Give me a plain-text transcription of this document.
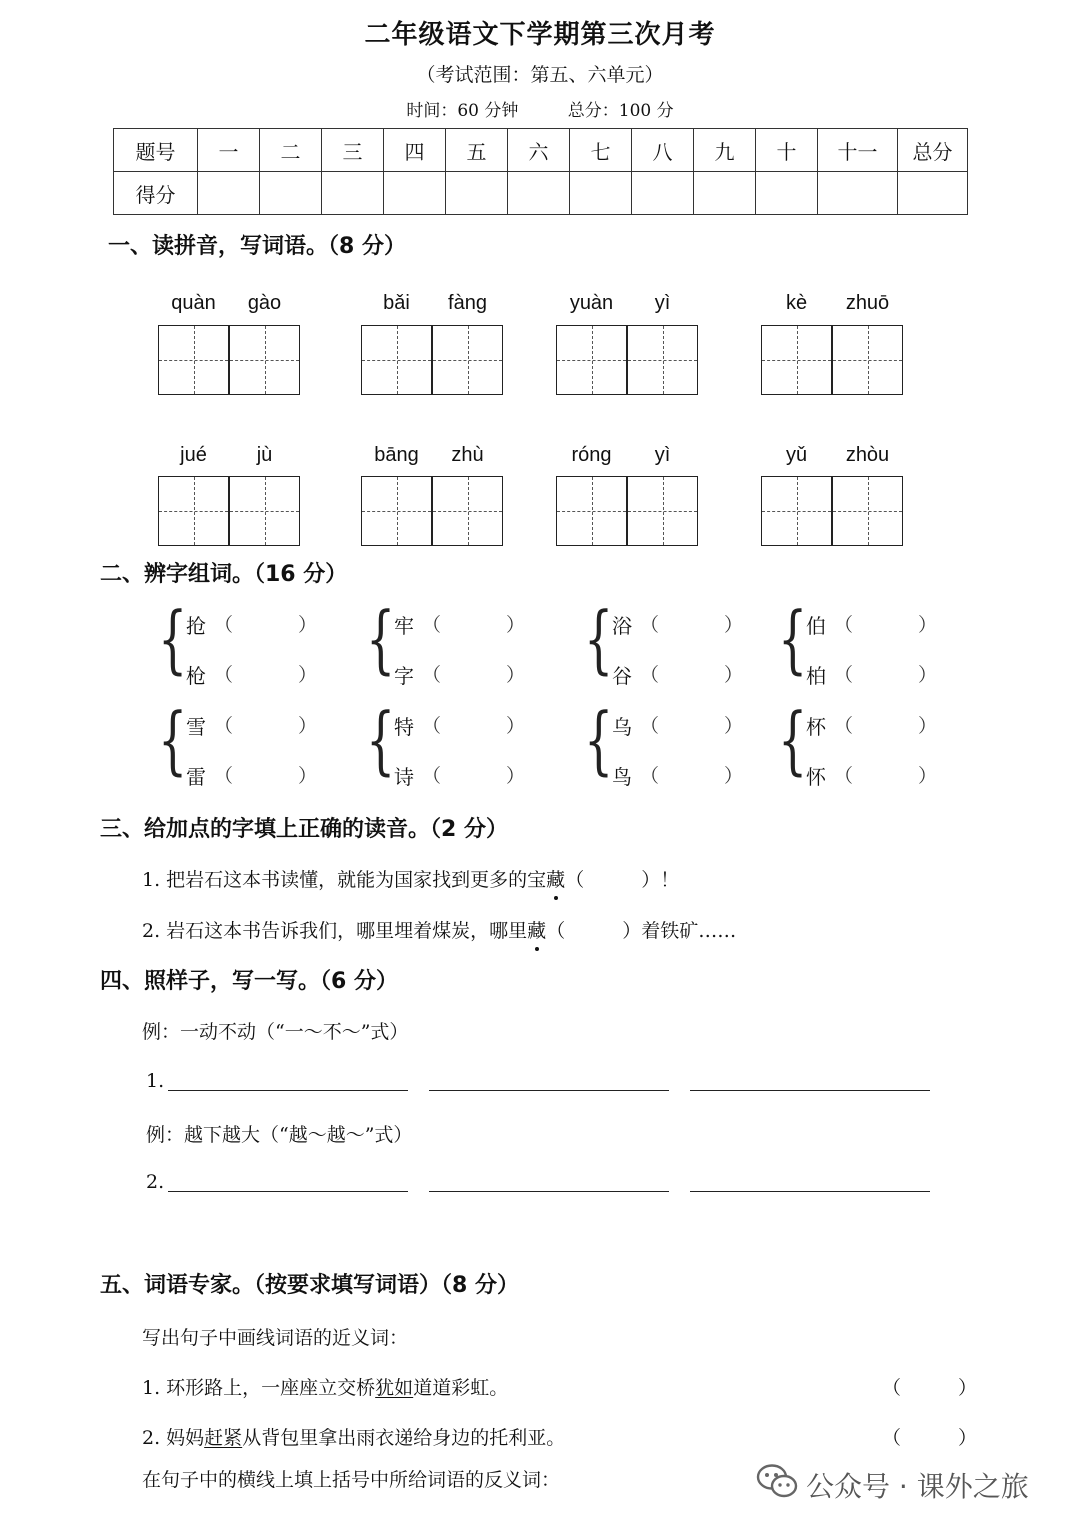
二年级语文下学期第三次月考
（考试范围：第五、六单元）
时间：60 分钟	总分：100 分
题号	一	二	三	四	五	六	七	八	九	十	十一	总分
得分												
一、读拼音，写词语。（8 分）
quàn	gào	bǎi	fàng	yuàn	yì	kè	zhuō
jué	jù	bāng	zhù	róng	yì	yǔ	zhòu
二、辨字组词。（16 分）
{
抢 （	）
枪 （	） {
牢 （	）
字 （	） {
浴 （	）
谷 （	） {
伯 （	）
柏 （	）
{
雪 （	）
雷 （	） {
特 （	）
诗 （	） {
乌 （	）
鸟 （	） {
杯 （	）
怀 （	）
三、给加点的字填上正确的读音。（2 分）
1. 把岩石这本书读懂，就能为国家找到更多的宝藏
（　　　）！
2. 岩石这本书告诉我们，哪里埋着煤炭，哪里藏
（　　　）着铁矿……
四、照样子，写一写。（6 分）
例：一动不动（“一～不～”式）
1.
例：越下越大（“越～越～”式）
2.
五、词语专家。（按要求填写词语）（8 分）
写出句子中画线词语的近义词：
1. 环形路上，一座座立交桥犹如道道彩虹。	（　　　）
2. 妈妈赶紧从背包里拿出雨衣递给身边的托利亚。	（　　　）
在句子中的横线上填上括号中所给词语的反义词：	公众号 · 课外之旅
